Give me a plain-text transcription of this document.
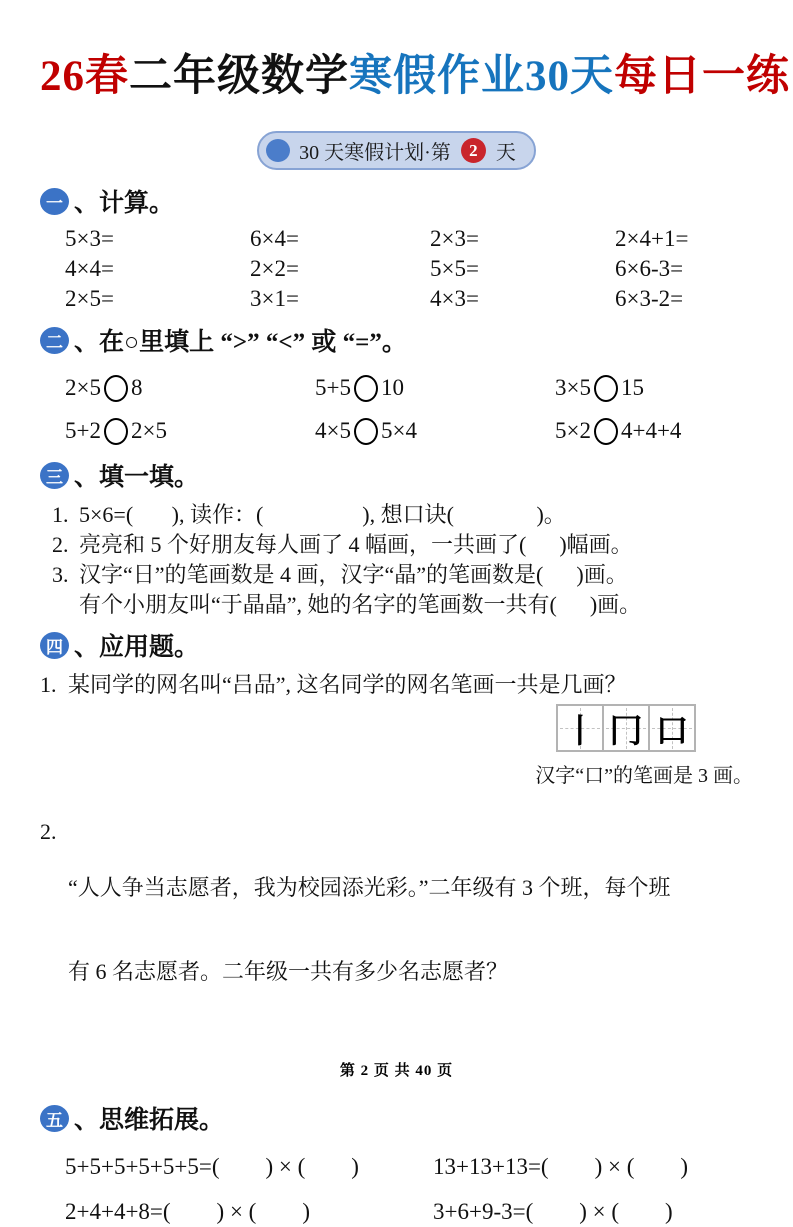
26春二年级数学寒假作业30天每日一练
30 天寒假计划·第	2 天
一 、计算。
5×3=	6×4=	2×3=	2×4+1=
4×4=	2×2=	5×5=	6×6-3=
2×5=	3×1=	4×3=	6×3-2=
二 、在○里填上 “>” “<” 或 “=”。
2×5 8	5+5 10	3×5 15
5+2 2×5	4×5 5×4	5×2 4+4+4
三 、填一填。
1. 5×6=(       ), 读作：(                  ), 想口诀(               )。
2. 亮亮和 5 个好朋友每人画了 4 幅画，一共画了(      )幅画。
3. 汉字“日”的笔画数是 4 画，汉字“晶”的笔画数是(      )画。
有个小朋友叫“于晶晶”, 她的名字的笔画数一共有(      )画。
四 、应用题。
1. 某同学的网名叫“吕品”, 这名同学的网名笔画一共是几画？
丨 冂 口
汉字“口”的笔画是 3 画。
2.

“人人争当志愿者，我为校园添光彩。”二年级有 3 个班，每个班

有 6 名志愿者。二年级一共有多少名志愿者？

五 、思维拓展。
5+5+5+5+5+5=(        ) × (        )	13+13+13=(        ) × (        )
2+4+4+8=(        ) × (        )	3+6+9-3=(        ) × (        )
第 2 页 共 40 页
